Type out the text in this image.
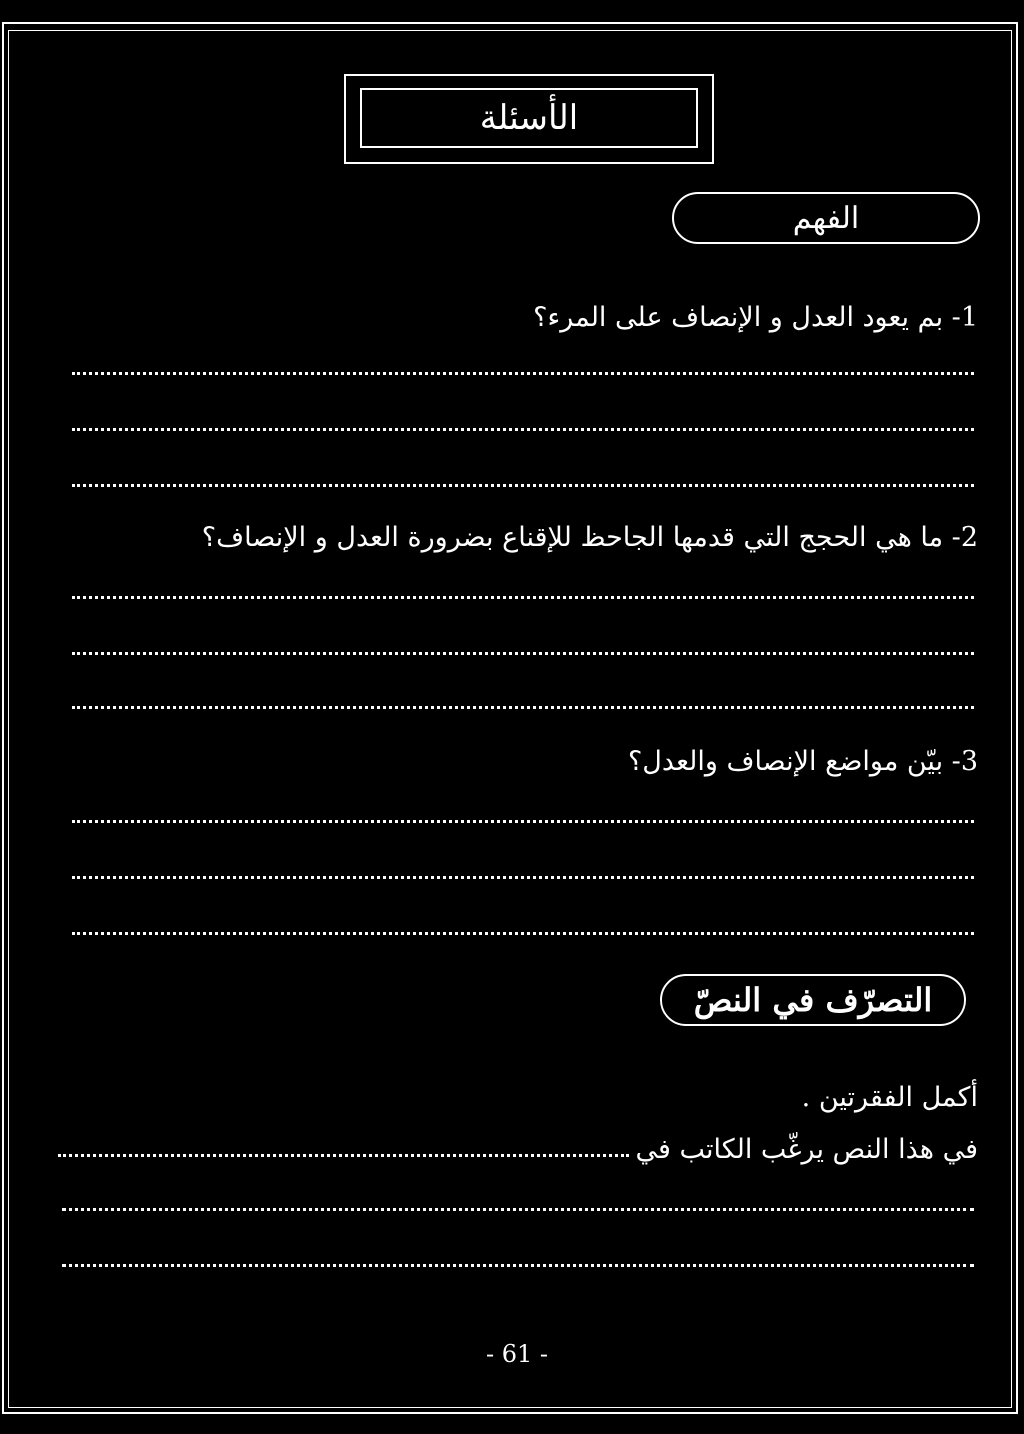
الأسئلة
الفهم
1- بم يعود العدل و الإنصاف على المرء؟
2- ما هي الحجج التي قدمها الجاحظ للإقناع بضرورة العدل و الإنصاف؟
3- بيّن مواضع الإنصاف والعدل؟
التصرّف في النصّ
أكمل الفقرتين .
في هذا النص يرغّب الكاتب في
- 61 -
